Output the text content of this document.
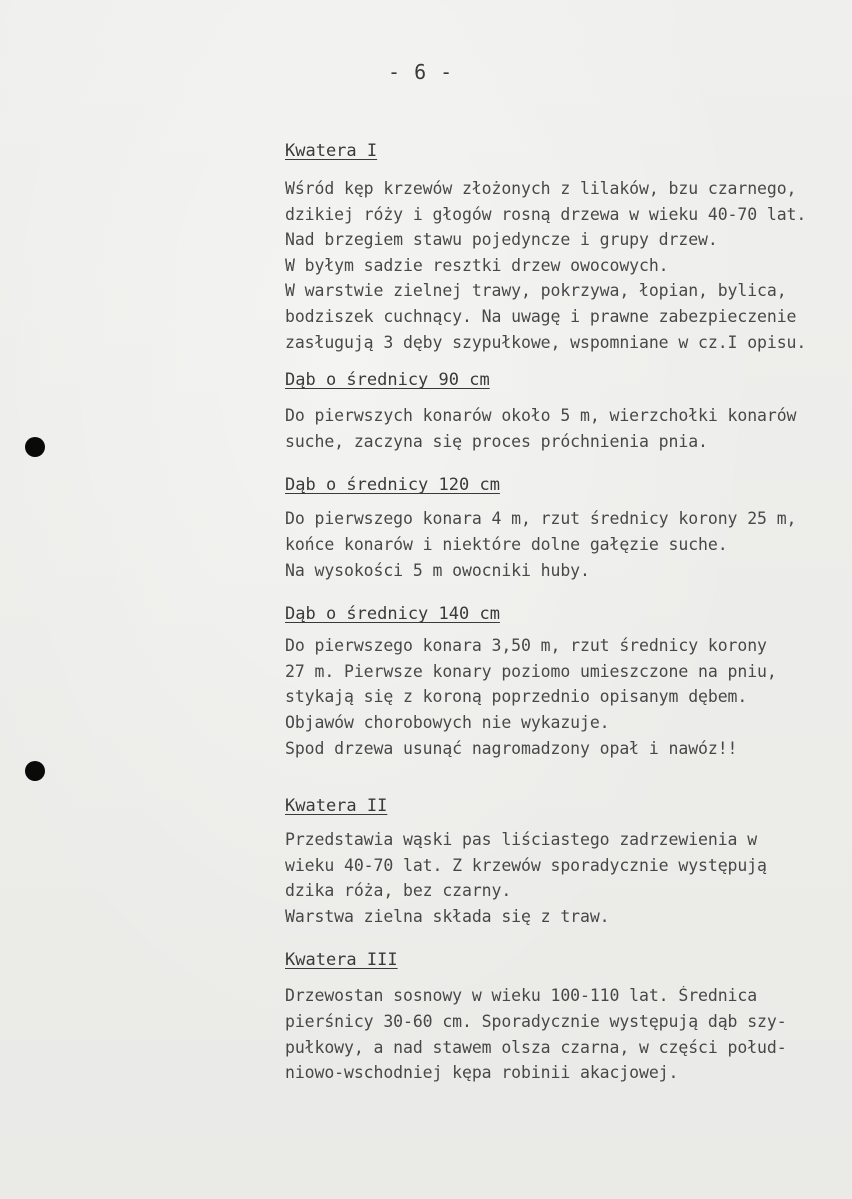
- 6 -
Kwatera I
Wśród kęp krzewów złożonych z lilaków, bzu czarnego,
dzikiej róży i głogów rosną drzewa w wieku 40-70 lat.
Nad brzegiem stawu pojedyncze i grupy drzew.
W byłym sadzie resztki drzew owocowych.
W warstwie zielnej trawy, pokrzywa, łopian, bylica,
bodziszek cuchnący. Na uwagę i prawne zabezpieczenie
zasługują 3 dęby szypułkowe, wspomniane w cz.I opisu.
Dąb o średnicy 90 cm
Do pierwszych konarów około 5 m, wierzchołki konarów
suche, zaczyna się proces próchnienia pnia.
Dąb o średnicy 120 cm
Do pierwszego konara 4 m, rzut średnicy korony 25 m,
końce konarów i niektóre dolne gałęzie suche.
Na wysokości 5 m owocniki huby.
Dąb o średnicy 140 cm
Do pierwszego konara 3,50 m, rzut średnicy korony
27 m. Pierwsze konary poziomo umieszczone na pniu,
stykają się z koroną poprzednio opisanym dębem.
Objawów chorobowych nie wykazuje.
Spod drzewa usunąć nagromadzony opał i nawóz!!
Kwatera II
Przedstawia wąski pas liściastego zadrzewienia w
wieku 40-70 lat. Z krzewów sporadycznie występują
dzika róża, bez czarny.
Warstwa zielna składa się z traw.
Kwatera III
Drzewostan sosnowy w wieku 100-110 lat. Średnica
pierśnicy 30-60 cm. Sporadycznie występują dąb szy-
pułkowy, a nad stawem olsza czarna, w części połud-
niowo-wschodniej kępa robinii akacjowej.
